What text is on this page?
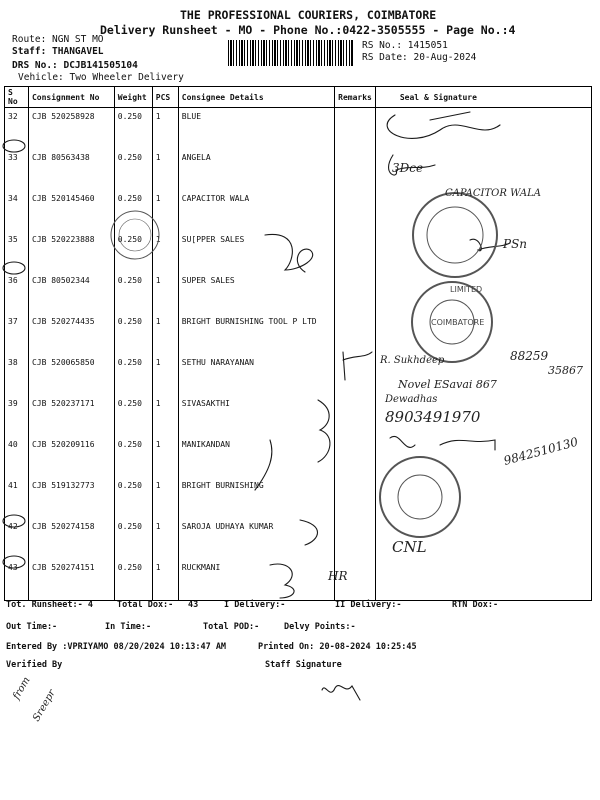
THE PROFESSIONAL COURIERS, COIMBATORE
Delivery Runsheet - MO - Phone No.:0422-3505555 - Page No.:4
Route: NGN ST MO
Staff: THANGAVEL
DRS No.: DCJB141505104
Vehicle: Two Wheeler Delivery
RS No.: 1415051
RS Date: 20-Aug-2024
S No	Consignment No	Weight	PCS	Consignee Details	Remarks	Seal & Signature
32	CJB 520258928	0.250	1	BLUE		
33	CJB 80563438	0.250	1	ANGELA		
34	CJB 520145460	0.250	1	CAPACITOR WALA		
35	CJB 520223888	0.250	1	SU[PPER SALES		
36	CJB 80502344	0.250	1	SUPER SALES		
37	CJB 520274435	0.250	1	BRIGHT BURNISHING TOOL P LTD		
38	CJB 520065850	0.250	1	SETHU NARAYANAN		
39	CJB 520237171	0.250	1	SIVASAKTHI		
40	CJB 520209116	0.250	1	MANIKANDAN		
41	CJB 519132773	0.250	1	BRIGHT BURNISHING		
42	CJB 520274158	0.250	1	SAROJA UDHAYA KUMAR		
43	CJB 520274151	0.250	1	RUCKMANI		
CAPACITOR WALA
COIMBATORE
LIMITED
3Dce
PSn
R. Sukhdeep	88259
35867
Novel ESavai 867
Dewadhas
8903491970
9842510130
CNL
HR
from
Sreepr
Tot. Runsheet:- 4	Total Dox:- 43	I Delivery:-	II Delivery:-	RTN Dox:-
Out Time:-	In Time:-	Total POD:-	Delvy Points:-
Entered By :VPRIYAMO 08/20/2024 10:13:47 AM	Printed On: 20-08-2024 10:25:45
Verified By	Staff Signature
